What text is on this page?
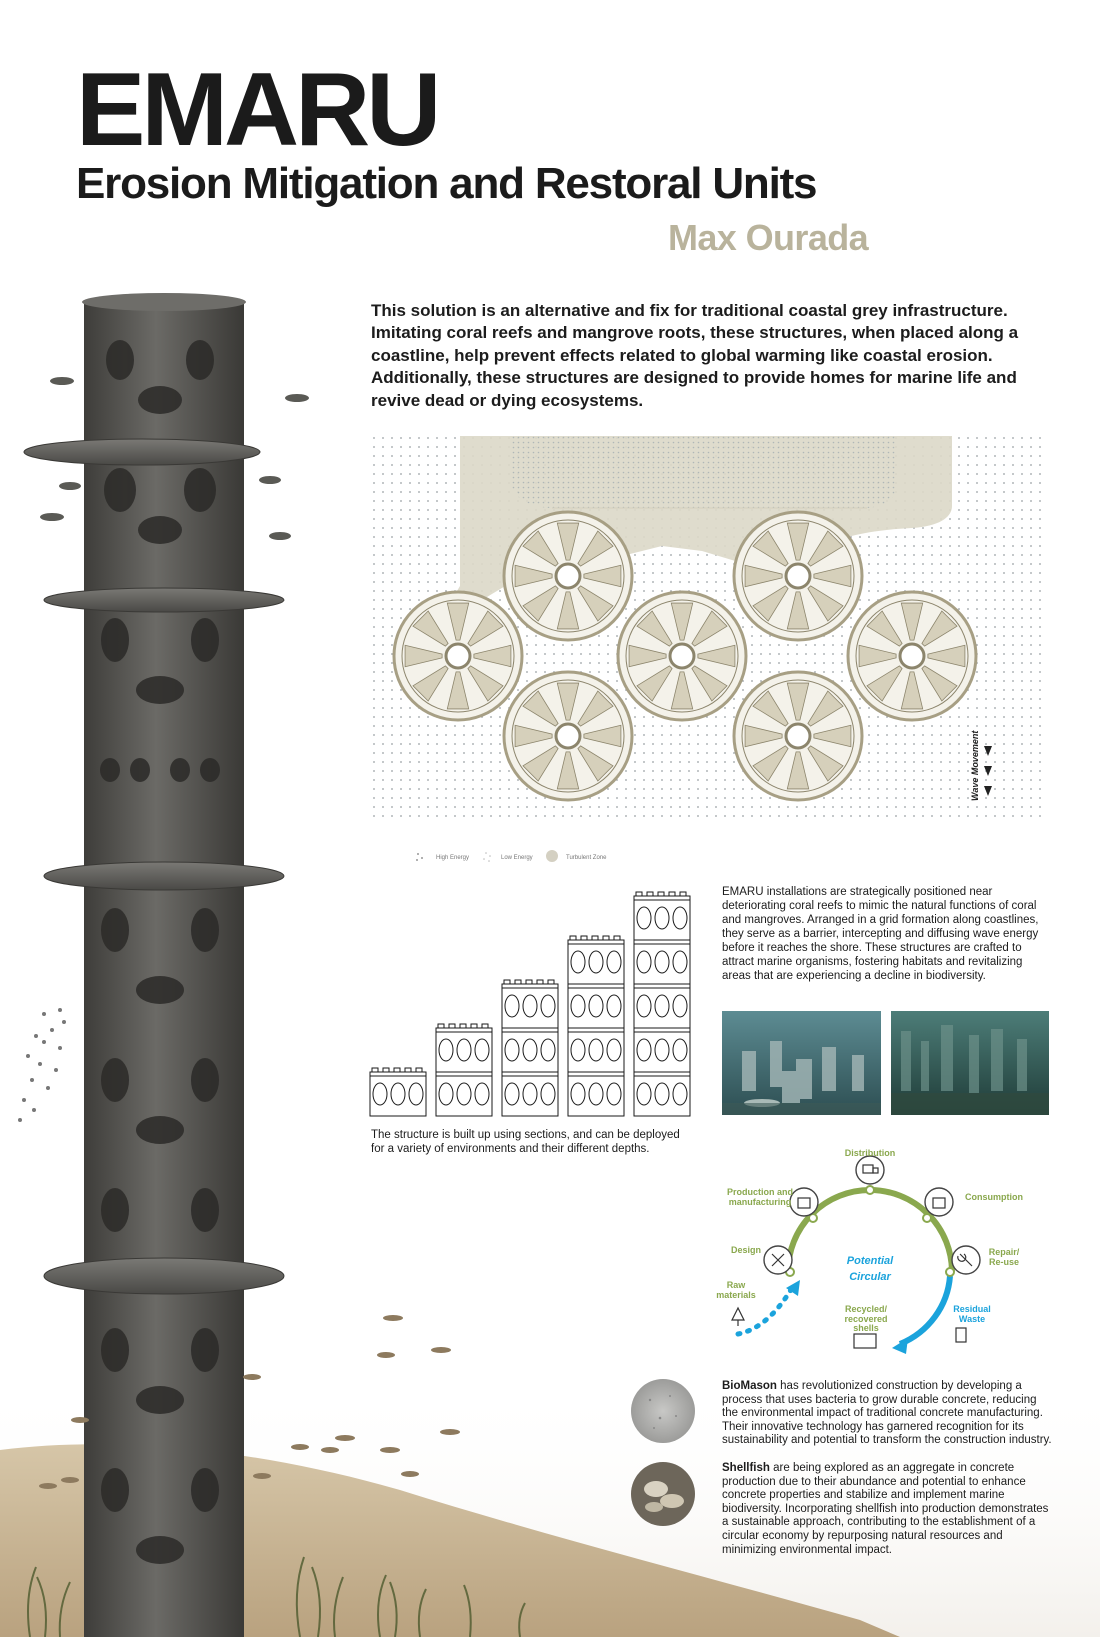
EMARU
Erosion Mitigation and Restoral Units
Max Ourada

This solution is an alternative and fix for traditional coastal grey infrastructure. Imitating coral reefs and mangrove roots, these structures, when placed along a coastline, help prevent effects related to global warming like coastal erosion. Additionally, these structures are designed to provide homes for marine life and revive dead or dying ecosystems.

Wave Movement
High Energy	Low Energy	Turbulent Zone

The structure is built up using sections, and can be deployed for a variety of environments and their different depths.

EMARU installations are strategically positioned near deteriorating coral reefs to mimic the natural functions of coral and mangroves. Arranged in a grid formation along coastlines, they serve as a barrier, intercepting and diffusing wave energy before it reaches the shore. These structures are crafted to attract marine organisms, fostering habitats and revitalizing areas that are experiencing a decline in biodiversity.

Distribution
Production and
manufacturing	Consumption
Design	Repair/
Re-use
Raw
materials
Recycled/
recovered
shells
Residual
Waste
Potential
Circular

BioMason has revolutionized construction by developing a process that uses bacteria to grow durable concrete, reducing the environmental impact of traditional concrete manufacturing. Their innovative technology has garnered recognition for its sustainability and potential to transform the construction industry.

Shellfish are being explored as an aggregate in concrete production due to their abundance and potential to enhance concrete properties and stabilize and implement marine biodiversity. Incorporating shellfish into production demonstrates a sustainable approach, contributing to the establishment of a circular economy by repurposing natural resources and minimizing environmental impact.
